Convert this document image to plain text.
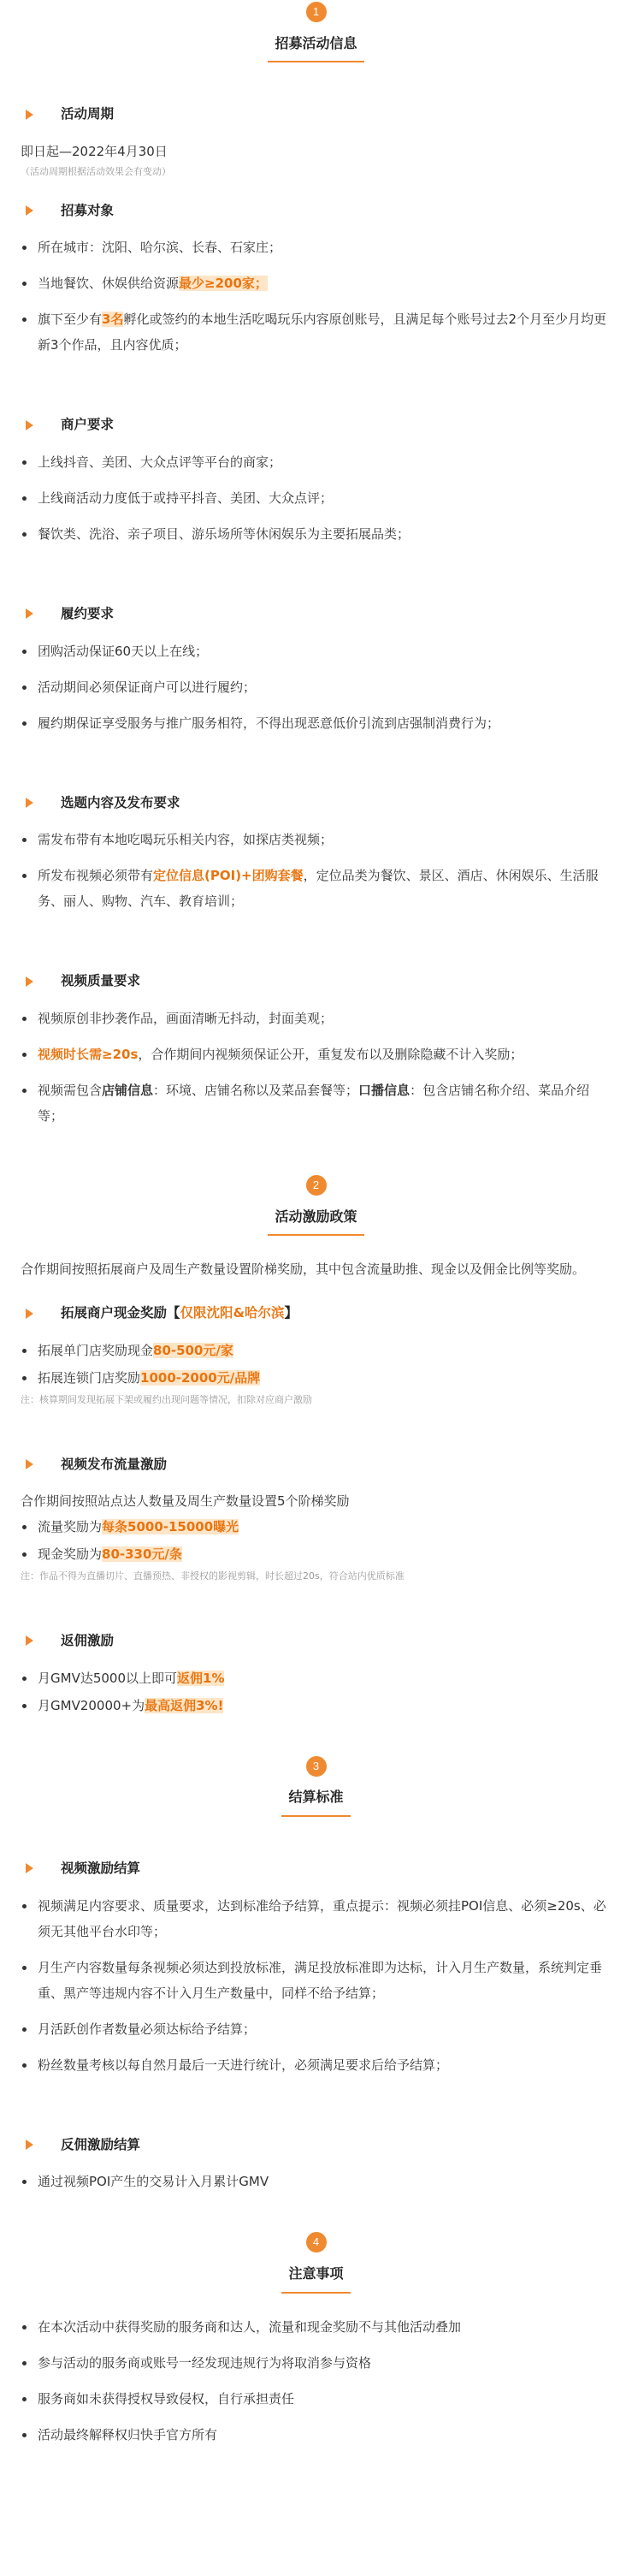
1
招募活动信息
活动周期
即日起—2022年4月30日
（活动周期根据活动效果会有变动）
招募对象
所在城市：沈阳、哈尔滨、长春、石家庄；
当地餐饮、休娱供给资源最少≥200家；
旗下至少有3名孵化或签约的本地生活吃喝玩乐内容原创账号，且满足每个账号过去2个月至少月均更新3个作品，且内容优质；
商户要求
上线抖音、美团、大众点评等平台的商家；
上线商活动力度低于或持平抖音、美团、大众点评；
餐饮类、洗浴、亲子项目、游乐场所等休闲娱乐为主要拓展品类；
履约要求
团购活动保证60天以上在线；
活动期间必须保证商户可以进行履约；
履约期保证享受服务与推广服务相符，不得出现恶意低价引流到店强制消费行为；
选题内容及发布要求
需发布带有本地吃喝玩乐相关内容，如探店类视频；
所发布视频必须带有定位信息(POI)+团购套餐，定位品类为餐饮、景区、酒店、休闲娱乐、生活服务、丽人、购物、汽车、教育培训；
视频质量要求
视频原创非抄袭作品，画面清晰无抖动，封面美观；
视频时长需≥20s，合作期间内视频须保证公开，重复发布以及删除隐藏不计入奖励；
视频需包含店铺信息：环境、店铺名称以及菜品套餐等；口播信息：包含店铺名称介绍、菜品介绍等；
2
活动激励政策
合作期间按照拓展商户及周生产数量设置阶梯奖励，其中包含流量助推、现金以及佣金比例等奖励。
拓展商户现金奖励【 仅限沈阳&哈尔滨 】
拓展单门店奖励现金80-500元/家
拓展连锁门店奖励1000-2000元/品牌
注：核算期间发现拓展下架或履约出现问题等情况，扣除对应商户激励
视频发布流量激励
合作期间按照站点达人数量及周生产数量设置5个阶梯奖励
流量奖励为每条5000-15000曝光
现金奖励为80-330元/条
注：作品不得为直播切片、直播预热、非授权的影视剪辑，时长超过20s，符合站内优质标准
返佣激励
月GMV达5000以上即可返佣1%
月GMV20000+为最高返佣3%!
3
结算标准
视频激励结算
视频满足内容要求、质量要求，达到标准给予结算，重点提示：视频必须挂POI信息、必须≥20s、必须无其他平台水印等；
月生产内容数量每条视频必须达到投放标准，满足投放标准即为达标，计入月生产数量，系统判定垂重、黑产等违规内容不计入月生产数量中，同样不给予结算；
月活跃创作者数量必须达标给予结算；
粉丝数量考核以每自然月最后一天进行统计，必须满足要求后给予结算；
反佣激励结算
通过视频POI产生的交易计入月累计GMV
4
注意事项
在本次活动中获得奖励的服务商和达人，流量和现金奖励不与其他活动叠加
参与活动的服务商或账号一经发现违规行为将取消参与资格
服务商如未获得授权导致侵权，自行承担责任
活动最终解释权归快手官方所有
